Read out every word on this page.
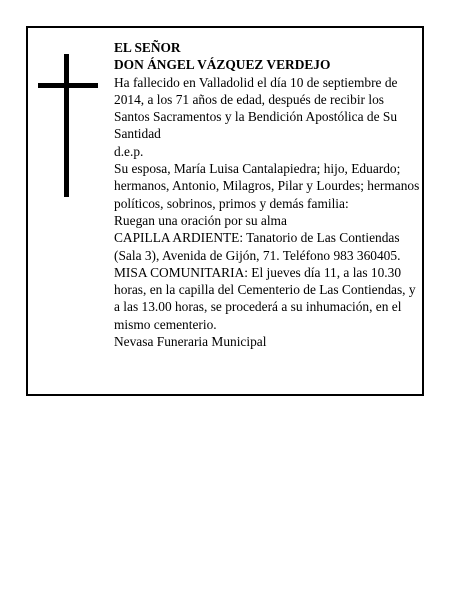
EL SEÑOR

DON ÁNGEL VÁZQUEZ VERDEJO

Ha fallecido en Valladolid el día 10 de septiembre de 2014, a los 71 años de edad, después de recibir los Santos Sacramentos y la Bendición Apostólica de Su Santidad

d.e.p.

Su esposa, María Luisa Cantalapiedra; hijo, Eduardo; hermanos, Antonio, Milagros, Pilar y Lourdes; hermanos políticos, sobrinos, primos y demás familia:

Ruegan una oración por su alma

CAPILLA ARDIENTE: Tanatorio de Las Contiendas (Sala 3), Avenida de Gijón, 71. Teléfono 983 360405.

MISA COMUNITARIA: El jueves día 11, a las 10.30 horas, en la capilla del Cementerio de Las Contiendas, y a las 13.00 horas, se procederá a su inhumación, en el mismo cementerio.

Nevasa Funeraria Municipal
